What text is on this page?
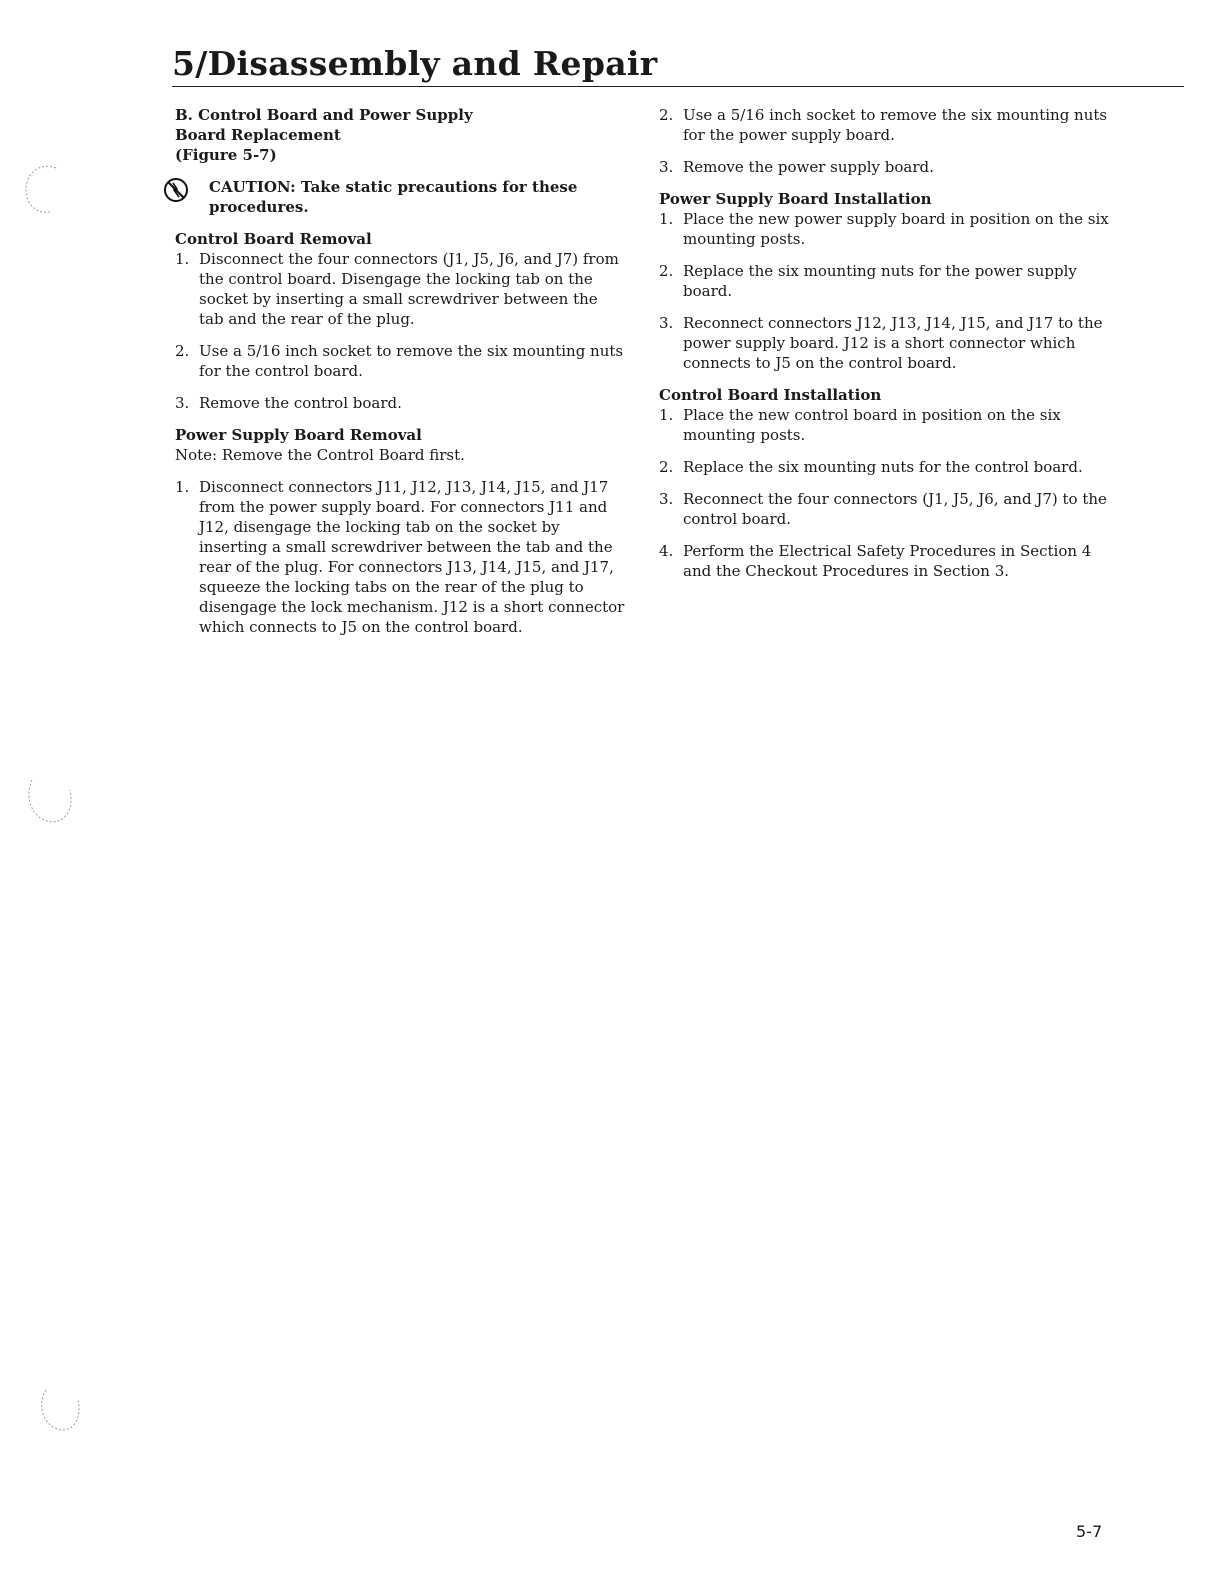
5/Disassembly and Repair
B. Control Board and Power Supply
Board Replacement
(Figure 5-7)
CAUTION: Take static precautions for these procedures.
Control Board Removal
1. Disconnect the four connectors (J1, J5, J6, and J7) from the control board. Disengage the locking tab on the socket by inserting a small screwdriver between the tab and the rear of the plug.
2. Use a 5/16 inch socket to remove the six mounting nuts for the control board.
3. Remove the control board.
Power Supply Board Removal
Note: Remove the Control Board first.
1. Disconnect connectors J11, J12, J13, J14, J15, and J17 from the power supply board. For connectors J11 and J12, disengage the locking tab on the socket by inserting a small screwdriver between the tab and the rear of the plug. For connectors J13, J14, J15, and J17, squeeze the locking tabs on the rear of the plug to disengage the lock mechanism. J12 is a short connector which connects to J5 on the control board.
2. Use a 5/16 inch socket to remove the six mounting nuts for the power supply board.
3. Remove the power supply board.
Power Supply Board Installation
1. Place the new power supply board in position on the six mounting posts.
2. Replace the six mounting nuts for the power supply board.
3. Reconnect connectors J12, J13, J14, J15, and J17 to the power supply board. J12 is a short connector which connects to J5 on the control board.
Control Board Installation
1. Place the new control board in position on the six mounting posts.
2. Replace the six mounting nuts for the control board.
3. Reconnect the four connectors (J1, J5, J6, and J7) to the control board.
4. Perform the Electrical Safety Procedures in Section 4 and the Checkout Procedures in Section 3.
5-7
